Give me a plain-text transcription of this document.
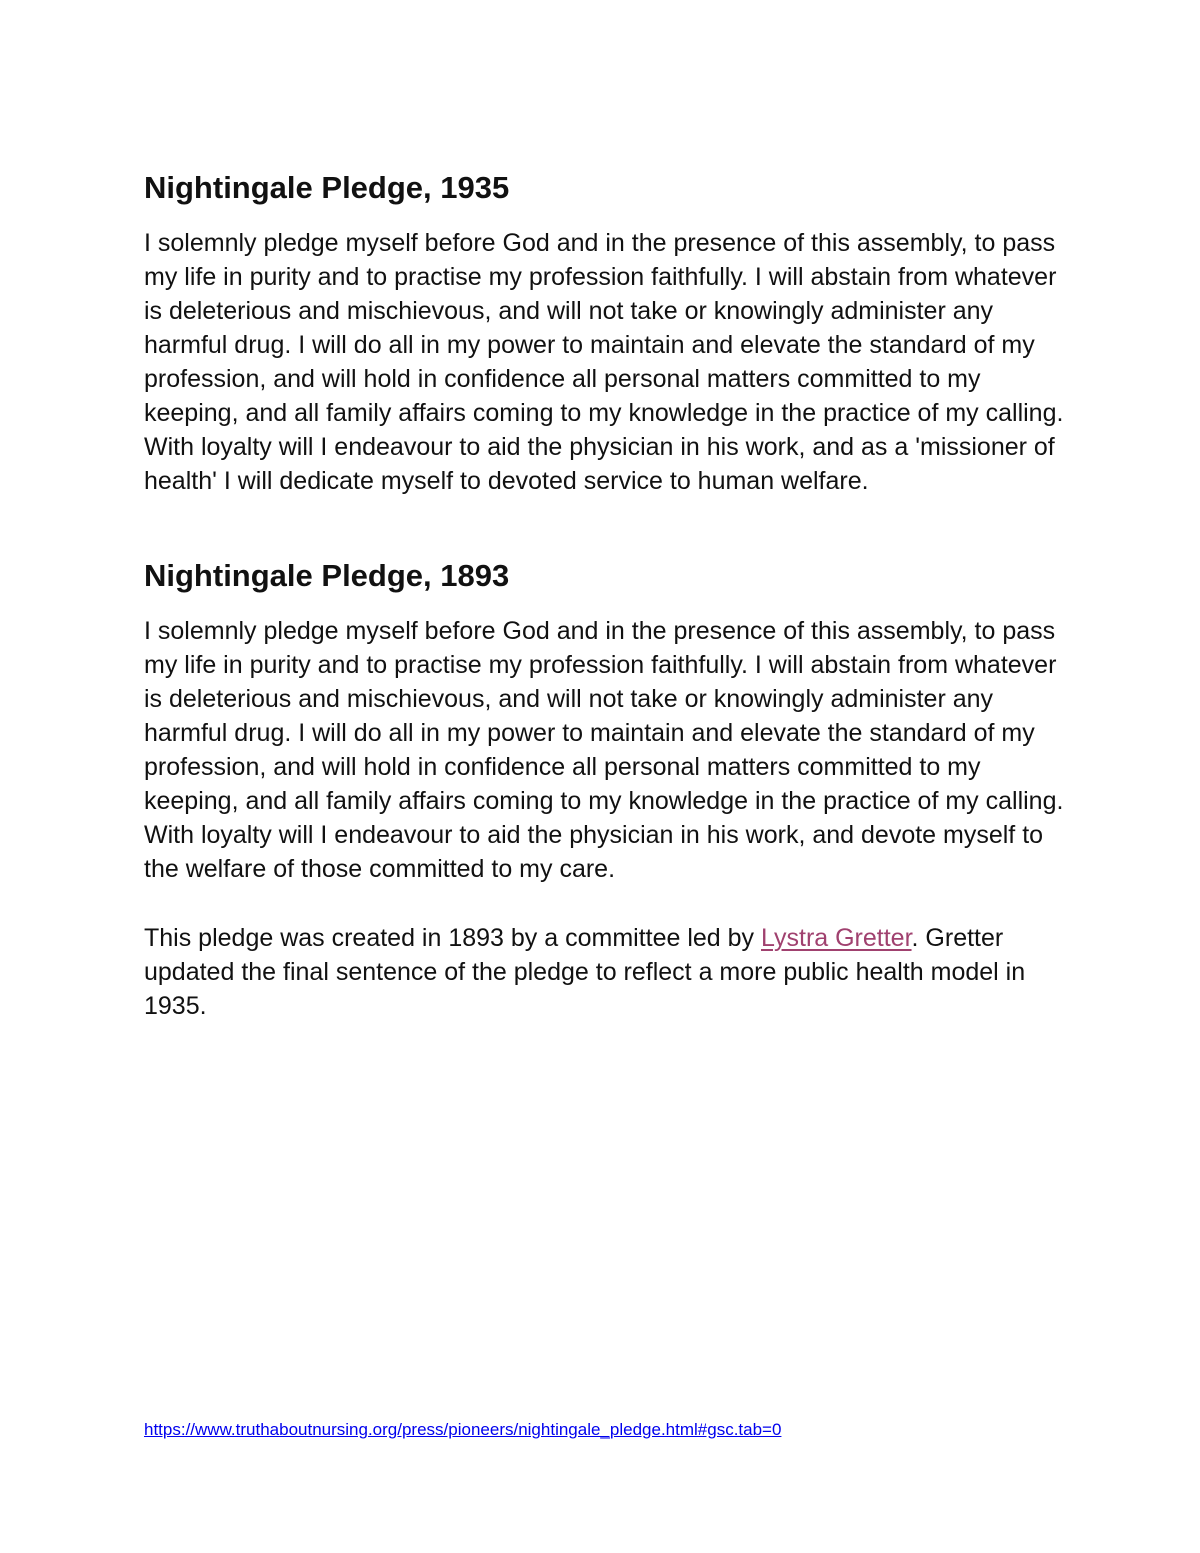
Nightingale Pledge, 1935

I solemnly pledge myself before God and in the presence of this assembly, to pass my life in purity and to practise my profession faithfully. I will abstain from whatever is deleterious and mischievous, and will not take or knowingly administer any harmful drug. I will do all in my power to maintain and elevate the standard of my profession, and will hold in confidence all personal matters committed to my keeping, and all family affairs coming to my knowledge in the practice of my calling. With loyalty will I endeavour to aid the physician in his work, and as a 'missioner of health' I will dedicate myself to devoted service to human welfare.

Nightingale Pledge, 1893

I solemnly pledge myself before God and in the presence of this assembly, to pass my life in purity and to practise my profession faithfully. I will abstain from whatever is deleterious and mischievous, and will not take or knowingly administer any harmful drug. I will do all in my power to maintain and elevate the standard of my profession, and will hold in confidence all personal matters committed to my keeping, and all family affairs coming to my knowledge in the practice of my calling. With loyalty will I endeavour to aid the physician in his work, and devote myself to the welfare of those committed to my care.

This pledge was created in 1893 by a committee led by Lystra Gretter. Gretter updated the final sentence of the pledge to reflect a more public health model in 1935.

https://www.truthaboutnursing.org/press/pioneers/nightingale_pledge.html#gsc.tab=0
